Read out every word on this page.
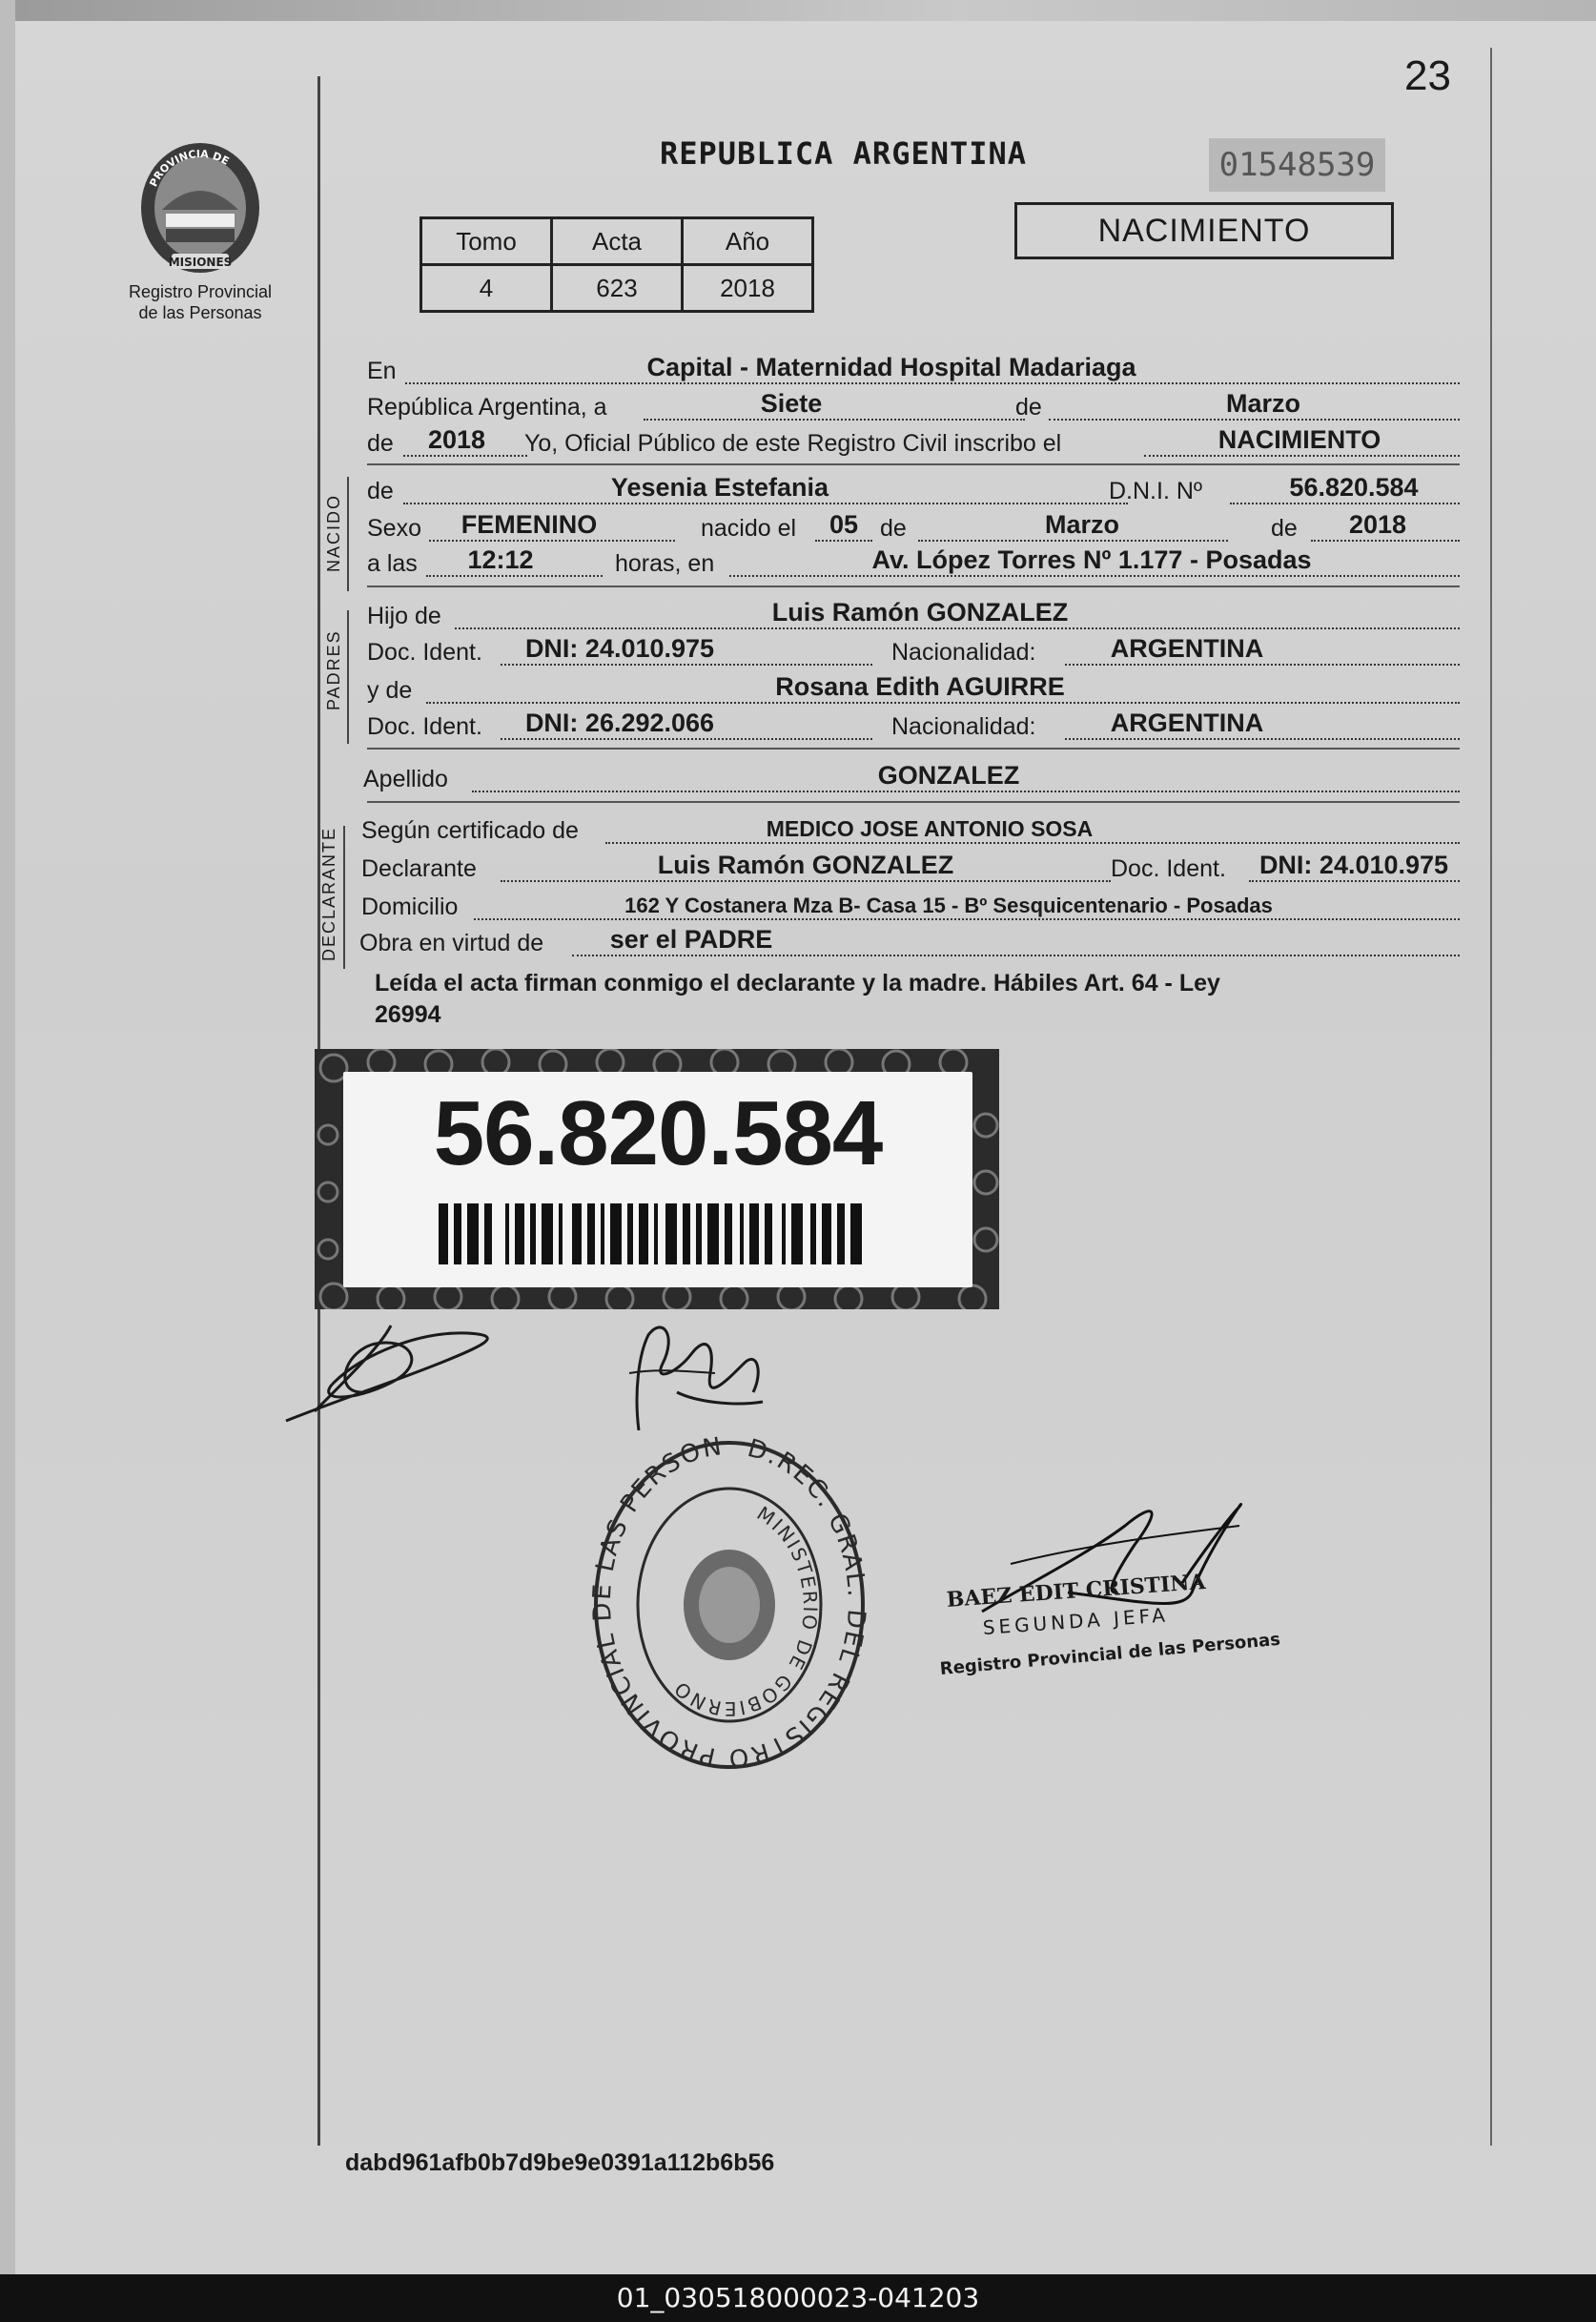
23
PROVINCIA DE
MISIONES
Registro Provincial
de las Personas
REPUBLICA ARGENTINA	01548539
NACIMIENTO
Tomo	Acta	Año
4	623	2018
En	Capital - Maternidad Hospital Madariaga
República Argentina, a	Siete	de	Marzo
de	2018	Yo, Oficial Público de este Registro Civil inscribo el	NACIMIENTO
NACIDO
de	Yesenia Estefania	D.N.I. Nº	56.820.584
Sexo	FEMENINO	nacido el	05 de	Marzo	de	2018
a las	12:12	horas, en	Av. López Torres Nº 1.177 - Posadas
PADRES
Hijo de	Luis Ramón GONZALEZ
Doc. Ident.	DNI: 24.010.975	Nacionalidad:	ARGENTINA
y de	Rosana Edith AGUIRRE
Doc. Ident.	DNI: 26.292.066	Nacionalidad:	ARGENTINA
Apellido	GONZALEZ
DECLARANTE Según certificado de	MEDICO JOSE ANTONIO SOSA
Declarante	Luis Ramón GONZALEZ	Doc. Ident.	DNI: 24.010.975
Domicilio	162 Y Costanera Mza B- Casa 15 - Bº Sesquicentenario - Posadas
Obra en virtud de	ser el PADRE
Leída el acta firman conmigo el declarante y la madre. Hábiles Art. 64 - Ley
26994
56.820.584
D.REC. GRAL. DEL REGISTRO PROVINCIAL DE LAS PERSON
MINISTERIO DE GOBIERNO
BAEZ EDIT CRISTINA
SEGUNDA JEFA
Registro Provincial de las Personas
dabd961afb0b7d9be9e0391a112b6b56
01_030518000023-041203
